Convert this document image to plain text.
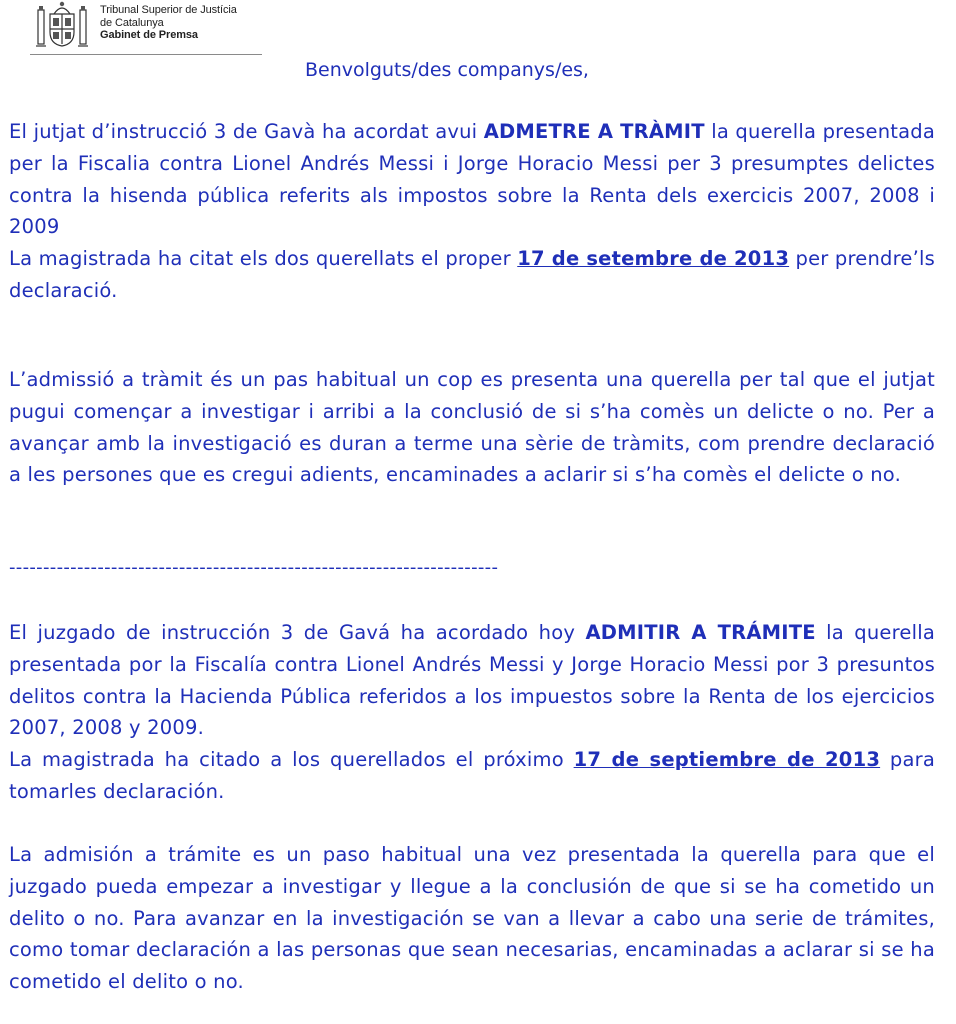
Tribunal Superior de Justícia
de Catalunya
Gabinet de Premsa
Benvolguts/des companys/es,

El jutjat d’instrucció 3 de Gavà ha acordat avui ADMETRE A TRÀMIT la querella presentada per la Fiscalia contra Lionel Andrés Messi i Jorge Horacio Messi per 3 presumptes delictes contra la hisenda pública referits als impostos sobre la Renta dels exercicis 2007, 2008 i 2009

La magistrada ha citat els dos querellats el proper 17 de setembre de 2013 per prendre’ls declaració.

L’admissió a tràmit és un pas habitual un cop es presenta una querella per tal que el jutjat pugui començar a investigar i arribi a la conclusió de si s’ha comès un delicte o no. Per a avançar amb la investigació es duran a terme una sèrie de tràmits, com prendre declaració a les persones que es cregui adients, encaminades a aclarir si s’ha comès el delicte o no.

------------------------------------------------------------------------

El juzgado de instrucción 3 de Gavá ha acordado hoy ADMITIR A TRÁMITE la querella presentada por la Fiscalía contra Lionel Andrés Messi y Jorge Horacio Messi por 3 presuntos delitos contra la Hacienda Pública referidos a los impuestos sobre la Renta de los ejercicios 2007, 2008 y 2009.

La magistrada ha citado a los querellados el próximo 17 de septiembre de 2013 para tomarles declaración.

La admisión a trámite es un paso habitual una vez presentada la querella para que el juzgado pueda empezar a investigar y llegue a la conclusión de que si se ha cometido un delito o no. Para avanzar en la investigación se van a llevar a cabo una serie de trámites, como tomar declaración a las personas que sean necesarias, encaminadas a aclarar si se ha cometido el delito o no.
